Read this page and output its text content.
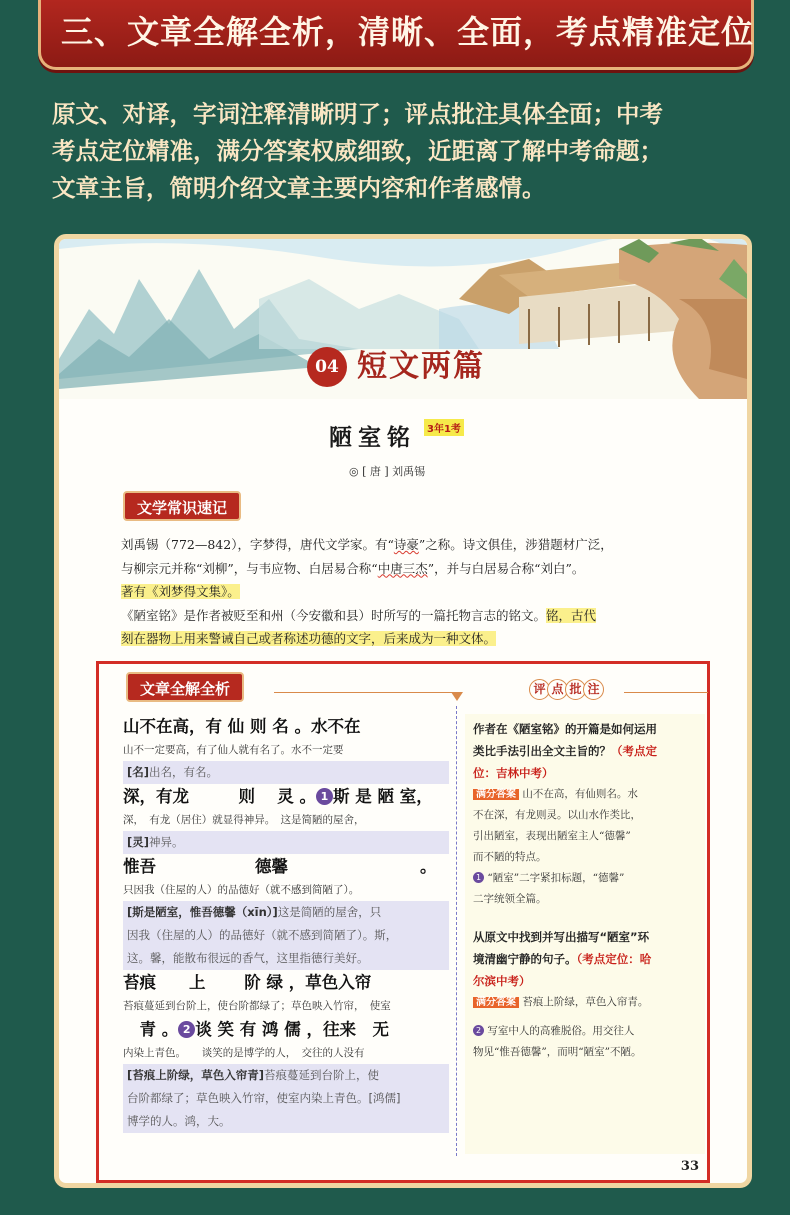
三、文章全解全析，清晰、全面，考点精准定位

原文、对译，字词注释清晰明了；评点批注具体全面；中考

考点定位精准，满分答案权威细致，近距离了解中考命题；

文章主旨，简明介绍文章主要内容和作者感情。

04 短文两篇
陋室铭	3年1考
◎ [ 唐 ] 刘禹锡
文学常识速记

刘禹锡（772—842），字梦得，唐代文学家。有“诗豪”之称。诗文俱佳，涉猎题材广泛，

与柳宗元并称“刘柳”，与韦应物、白居易合称“中唐三杰”，并与白居易合称“刘白”。

著有《刘梦得文集》。

《陋室铭》是作者被贬至和州（今安徽和县）时所写的一篇托物言志的铭文。铭，古代

刻在器物上用来警诫自己或者称述功德的文字，后来成为一种文体。

文章全解全析	评 点 批 注
山不在高，有 仙 则 名 。水不在
山不一定要高，有了仙人就有名了。水不一定要
[名]出名，有名。
深，有龙　　　则　 灵 。 1 斯 是 陋 室，
深，　有龙（居住）就显得神异。　这是简陋的屋舍，
[灵]神异。
惟吾　　　　　　德馨　　　　　　　　。
只因我（住屋的人）的品德好（就不感到简陋了）。
[斯是陋室，惟吾德馨（xīn）]这是简陋的屋舍，只
因我（住屋的人）的品德好（就不感到简陋了）。斯，
这。馨，能散布很远的香气，这里指德行美好。
苔痕　　上　　 阶 绿 ，草色入帘
苔痕蔓延到台阶上，使台阶都绿了；草色映入竹帘，　使室
　青 。 2 谈 笑 有 鸿 儒 ，往来　无
内染上青色。　　谈笑的是博学的人，　交往的人没有
[苔痕上阶绿，草色入帘青]苔痕蔓延到台阶上，使
台阶都绿了；草色映入竹帘，使室内染上青色。[鸿儒]
博学的人。鸿，大。
作者在《陋室铭》的开篇是如何运用
类比手法引出全文主旨的？（考点定
位：吉林中考）
满分答案 山不在高，有仙则名。水
不在深，有龙则灵。以山水作类比，
引出陋室，表现出陋室主人“德馨”
而不陋的特点。
1 “陋室”二字紧扣标题，“德馨”
二字统领全篇。
从原文中找到并写出描写“陋室”环
境清幽宁静的句子。（考点定位：哈
尔滨中考）
满分答案 苔痕上阶绿，草色入帘青。
2 写室中人的高雅脱俗。用交往人
物见“惟吾德馨”，而明“陋室”不陋。
33
